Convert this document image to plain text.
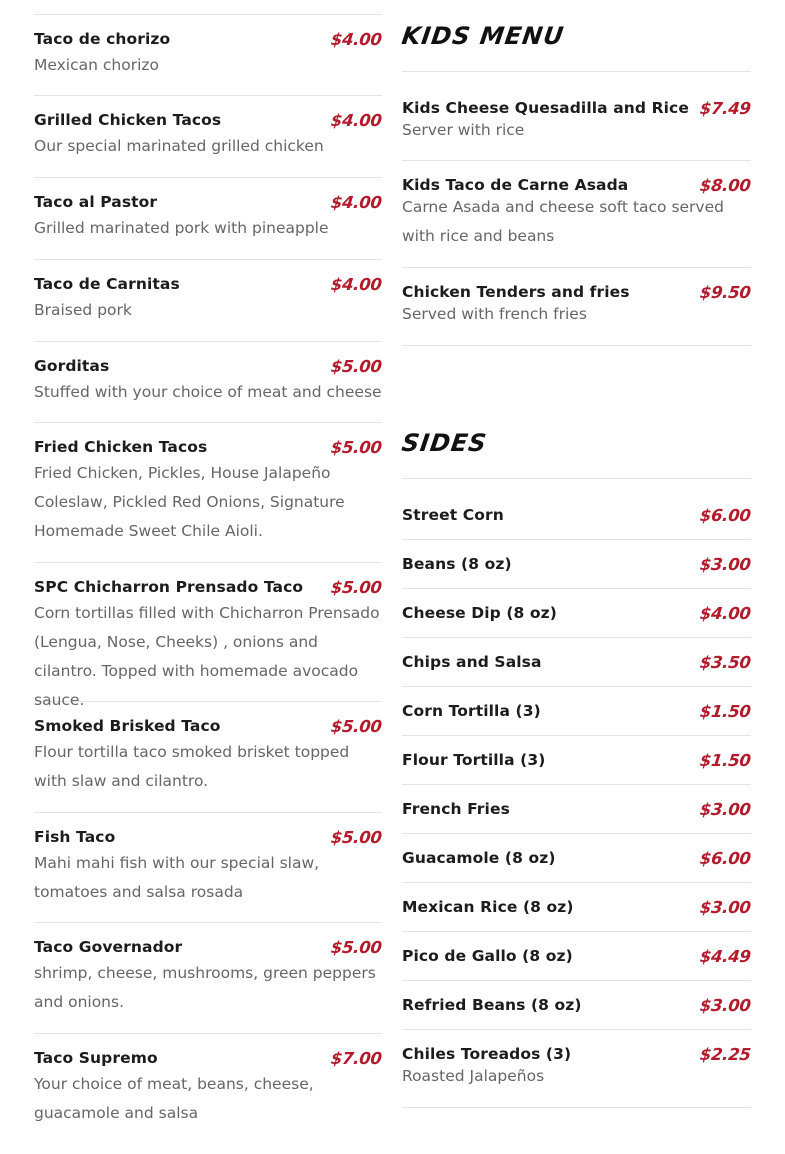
Taco de chorizo	$4.00
Mexican chorizo
Grilled Chicken Tacos	$4.00
Our special marinated grilled chicken
Taco al Pastor	$4.00
Grilled marinated pork with pineapple
Taco de Carnitas	$4.00
Braised pork
Gorditas	$5.00
Stuffed with your choice of meat and cheese
Fried Chicken Tacos	$5.00
Fried Chicken, Pickles, House Jalapeño Coleslaw, Pickled Red Onions, Signature Homemade Sweet Chile Aioli.
SPC Chicharron Prensado Taco $5.00
Corn tortillas filled with Chicharron Prensado (Lengua, Nose, Cheeks) , onions and cilantro. Topped with homemade avocado sauce.
Smoked Brisked Taco	$5.00
Flour tortilla taco smoked brisket topped with slaw and cilantro.
Fish Taco	$5.00
Mahi mahi fish with our special slaw, tomatoes and salsa rosada
Taco Governador	$5.00
shrimp, cheese, mushrooms, green peppers and onions.
Taco Supremo	$7.00
Your choice of meat, beans, cheese, guacamole and salsa
KIDS MENU
Kids Cheese Quesadilla and Rice $7.49
Server with rice
Kids Taco de Carne Asada	$8.00
Carne Asada and cheese soft taco served with rice and beans
Chicken Tenders and fries	$9.50
Served with french fries
SIDES
Street Corn	$6.00
Beans (8 oz)	$3.00
Cheese Dip (8 oz)	$4.00
Chips and Salsa	$3.50
Corn Tortilla (3)	$1.50
Flour Tortilla (3)	$1.50
French Fries	$3.00
Guacamole (8 oz)	$6.00
Mexican Rice (8 oz)	$3.00
Pico de Gallo (8 oz)	$4.49
Refried Beans (8 oz)	$3.00
Chiles Toreados (3)	$2.25
Roasted Jalapeños
